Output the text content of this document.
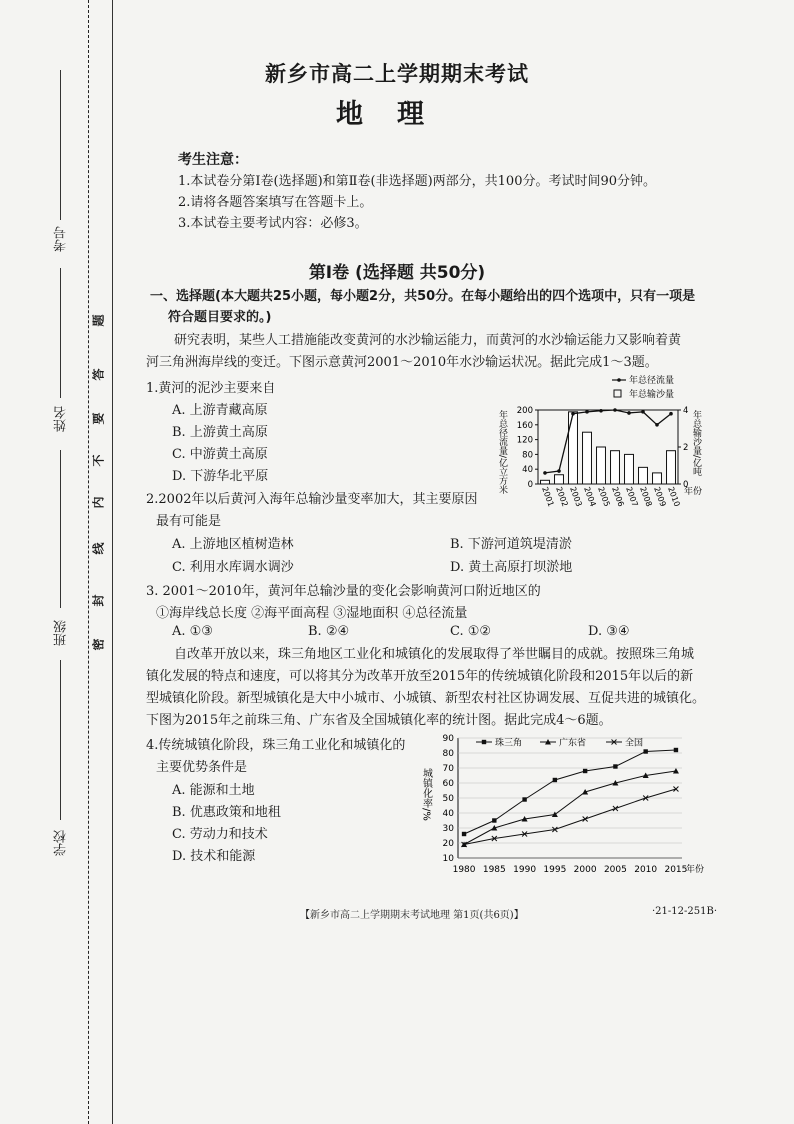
考号
姓名
班级
学校
题
答
要
不
内
线
封
密
新乡市高二上学期期末考试
地理
考生注意：
1.本试卷分第Ⅰ卷(选择题)和第Ⅱ卷(非选择题)两部分，共100分。考试时间90分钟。
2.请将各题答案填写在答题卡上。
3.本试卷主要考试内容：必修3。
第Ⅰ卷 (选择题 共50分)
一、选择题(本大题共25小题，每小题2分，共50分。在每小题给出的四个选项中，只有一项是
符合题目要求的。)
研究表明，某些人工措施能改变黄河的水沙输运能力，而黄河的水沙输运能力又影响着黄
河三角洲海岸线的变迁。下图示意黄河2001～2010年水沙输运状况。据此完成1～3题。
1.黄河的泥沙主要来自
A. 上游青藏高原
B. 上游黄土高原
C. 中游黄土高原
D. 下游华北平原
2.2002年以后黄河入海年总输沙量变率加大，其主要原因
最有可能是
A. 上游地区植树造林	B. 下游河道筑堤清淤
C. 利用水库调水调沙	D. 黄土高原打坝淤地
3. 2001～2010年，黄河年总输沙量的变化会影响黄河口附近地区的
①海岸线总长度 ②海平面高程 ③湿地面积 ④总径流量
A. ①③	B. ②④	C. ①②	D. ③④
自改革开放以来，珠三角地区工业化和城镇化的发展取得了举世瞩目的成就。按照珠三角城
镇化发展的特点和速度，可以将其分为改革开放至2015年的传统城镇化阶段和2015年以后的新
型城镇化阶段。新型城镇化是大中小城市、小城镇、新型农村社区协调发展、互促共进的城镇化。
下图为2015年之前珠三角、广东省及全国城镇化率的统计图。据此完成4～6题。
4.传统城镇化阶段，珠三角工业化和城镇化的
主要优势条件是
A. 能源和土地
B. 优惠政策和地租
C. 劳动力和技术
D. 技术和能源
年总径流量
年总输沙量
0
40
80
120
160
200
0
2
4
年总径流量/亿立方米	年总输沙量/亿吨
2001
2002
2003
2004
2005
2006
2007
2008
2009
2010 年份
10
20
30
40
50
60
70
80
90
1980 1985 1990 1995 2000 2005 2010 2015
年份
城镇化率/%
珠三角	广东省	全国
【新乡市高二上学期期末考试地理 第1页(共6页)】	·21-12-251B·
